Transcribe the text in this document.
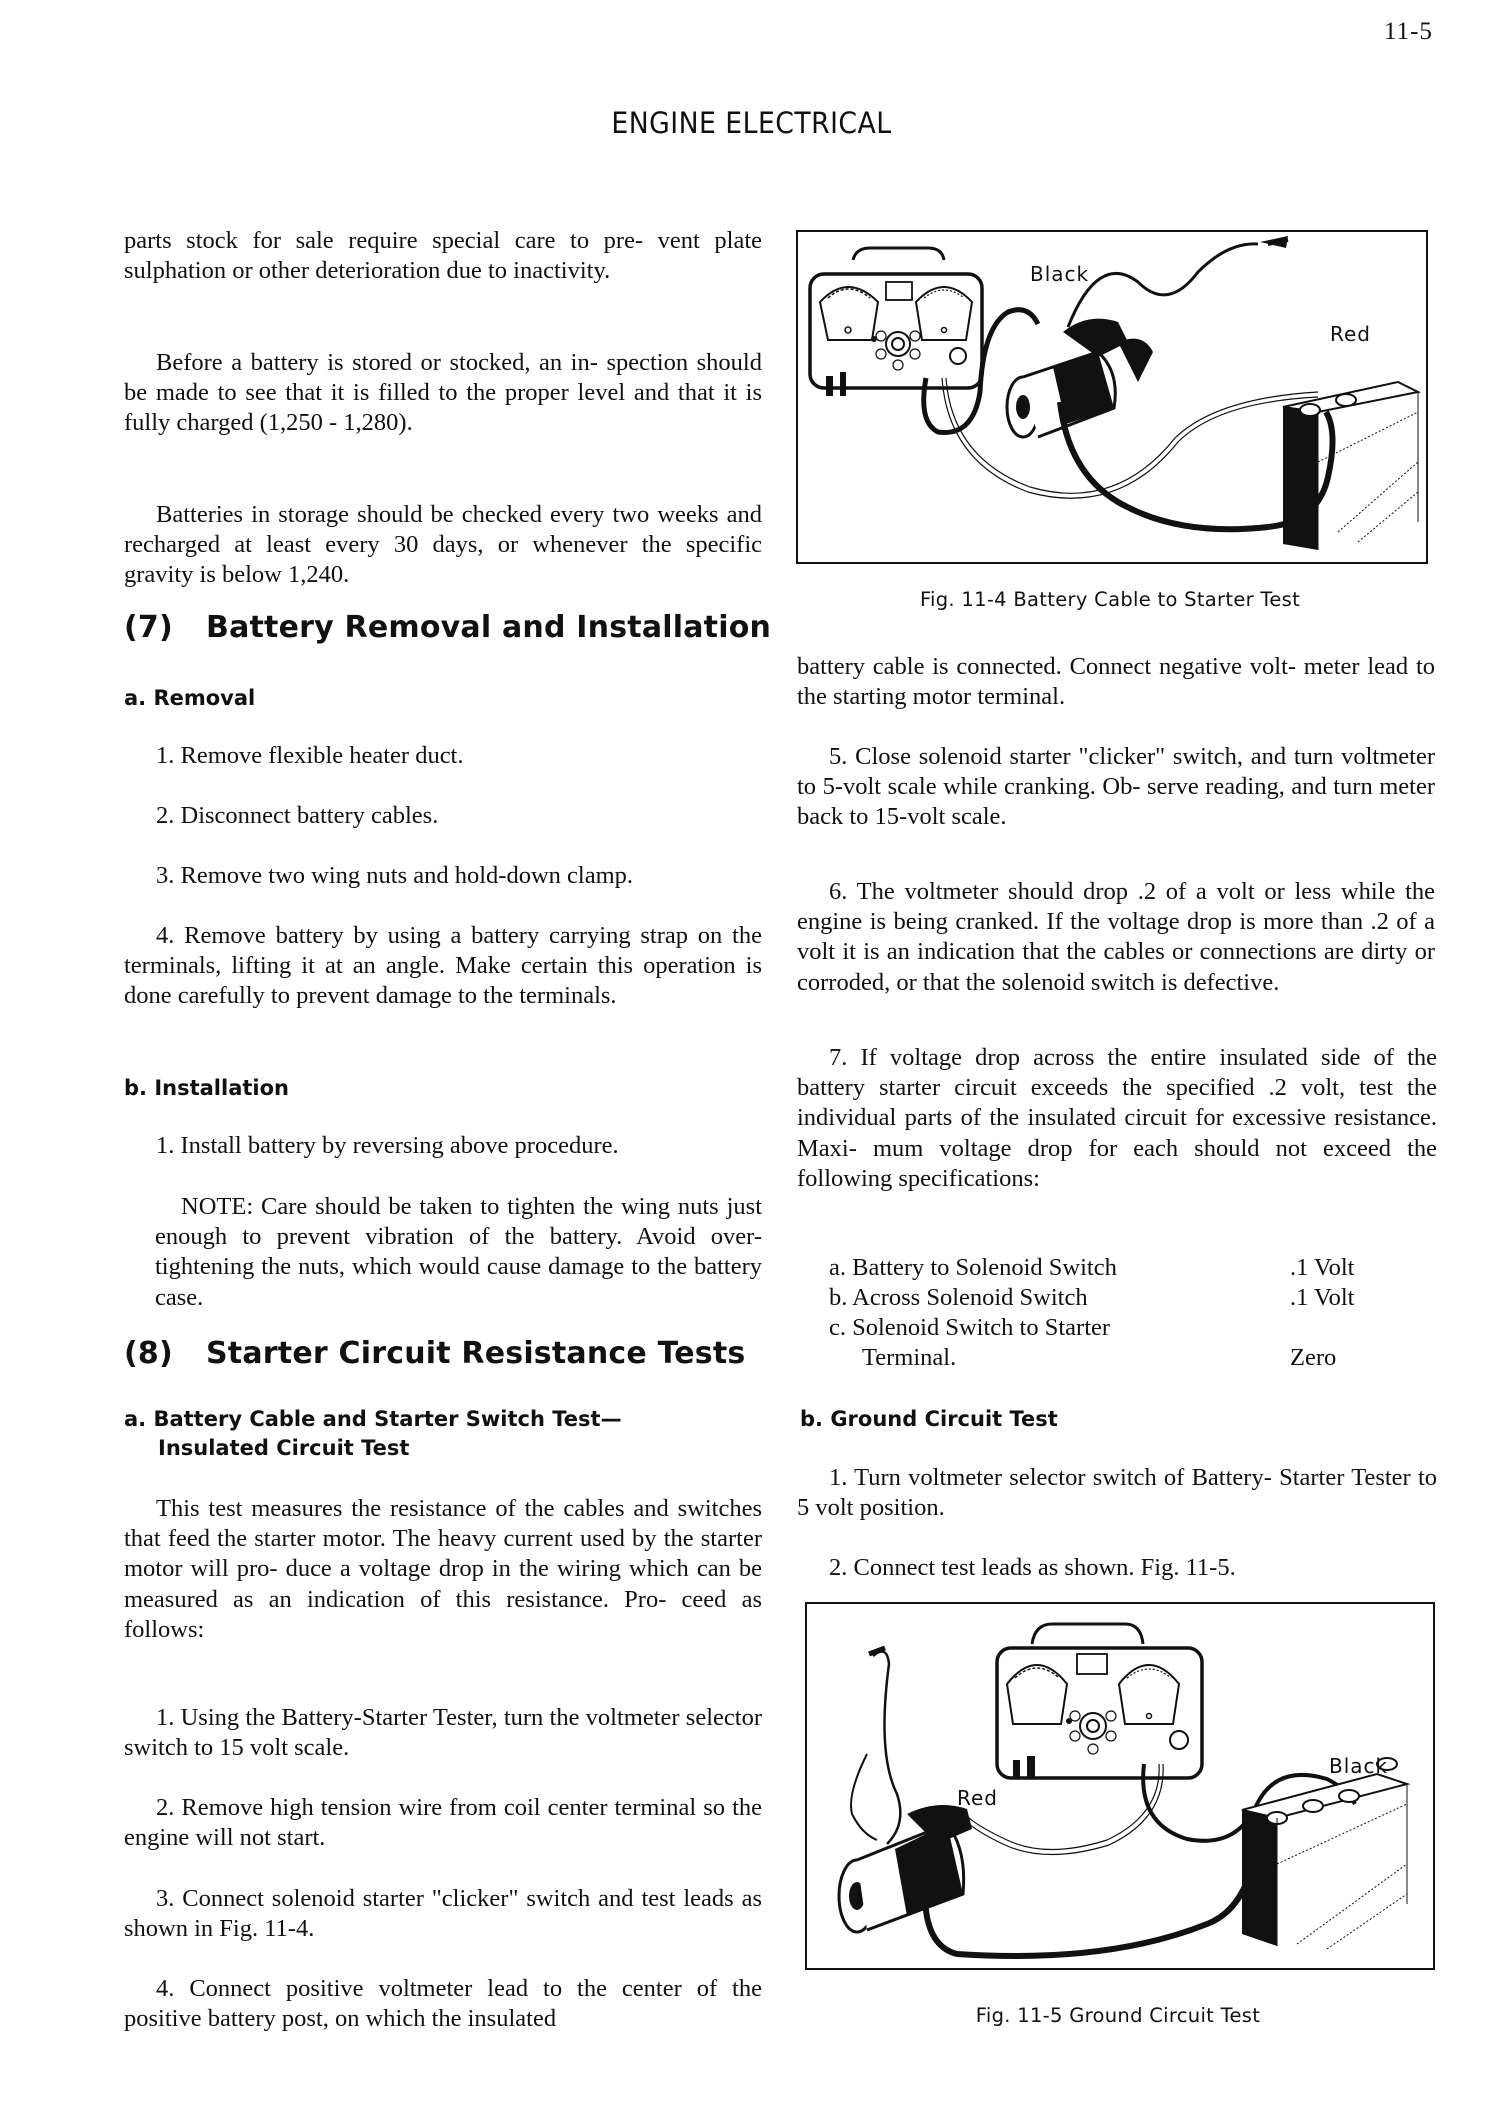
11-5
ENGINE ELECTRICAL

parts stock for sale require special care to pre- vent plate sulphation or other deterioration due to inactivity.

Before a battery is stored or stocked, an in- spection should be made to see that it is filled to the proper level and that it is fully charged (1,250 - 1,280).

Batteries in storage should be checked every two weeks and recharged at least every 30 days, or whenever the specific gravity is below 1,240.

(7) Battery Removal and Installation
a. Removal

1. Remove flexible heater duct.

2. Disconnect battery cables.

3. Remove two wing nuts and hold-down clamp.

4. Remove battery by using a battery carrying strap on the terminals, lifting it at an angle. Make certain this operation is done carefully to prevent damage to the terminals.

b. Installation

1. Install battery by reversing above procedure.

NOTE: Care should be taken to tighten the wing nuts just enough to prevent vibration of the battery. Avoid over-tightening the nuts, which would cause damage to the battery case.
(8) Starter Circuit Resistance Tests
a. Battery Cable and Starter Switch Test—
Insulated Circuit Test

This test measures the resistance of the cables and switches that feed the starter motor. The heavy current used by the starter motor will pro- duce a voltage drop in the wiring which can be measured as an indication of this resistance. Pro- ceed as follows:

1. Using the Battery-Starter Tester, turn the voltmeter selector switch to 15 volt scale.

2. Remove high tension wire from coil center terminal so the engine will not start.

3. Connect solenoid starter "clicker" switch and test leads as shown in Fig. 11-4.

4. Connect positive voltmeter lead to the center of the positive battery post, on which the insulated

Black
Red
Fig. 11-4 Battery Cable to Starter Test

battery cable is connected. Connect negative volt- meter lead to the starting motor terminal.

5. Close solenoid starter "clicker" switch, and turn voltmeter to 5-volt scale while cranking. Ob- serve reading, and turn meter back to 15-volt scale.

6. The voltmeter should drop .2 of a volt or less while the engine is being cranked. If the voltage drop is more than .2 of a volt it is an indication that the cables or connections are dirty or corroded, or that the solenoid switch is defective.

7. If voltage drop across the entire insulated side of the battery starter circuit exceeds the specified .2 volt, test the individual parts of the insulated circuit for excessive resistance. Maxi- mum voltage drop for each should not exceed the following specifications:

a. Battery to Solenoid Switch	.1 Volt
b. Across Solenoid Switch	.1 Volt
c. Solenoid Switch to Starter
Terminal.	Zero
b. Ground Circuit Test

1. Turn voltmeter selector switch of Battery- Starter Tester to 5 volt position.

2. Connect test leads as shown. Fig. 11-5.

Black
Red
Fig. 11-5 Ground Circuit Test
